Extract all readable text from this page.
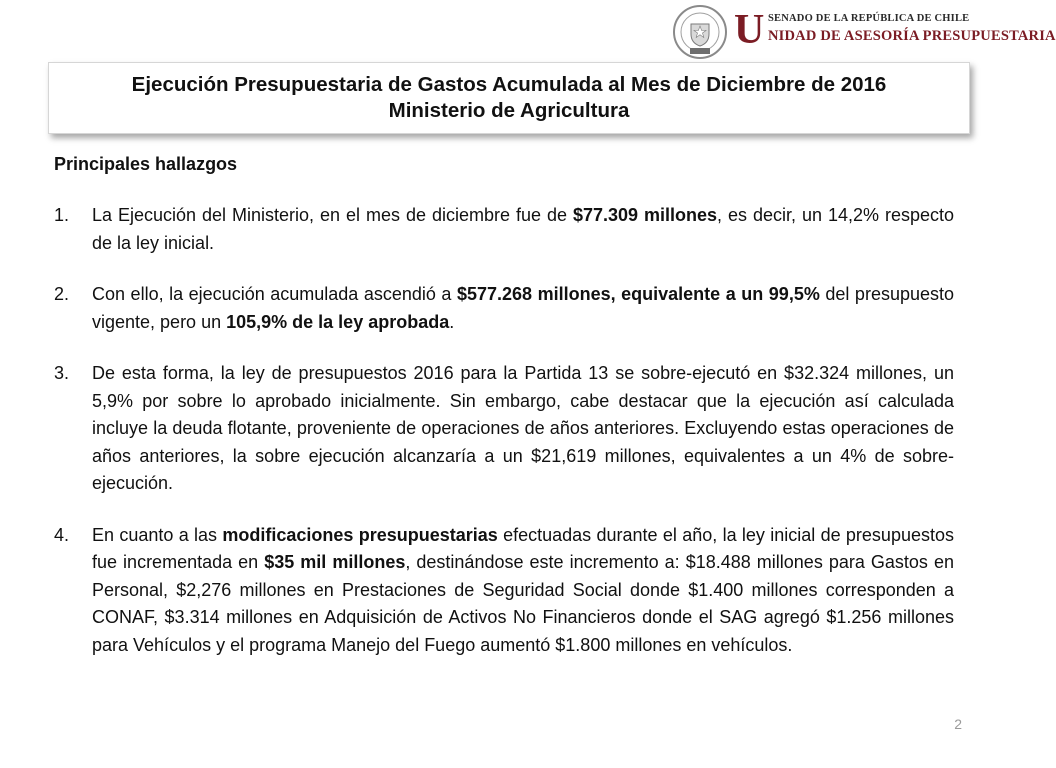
U SENADO DE LA REPÚBLICA DE CHILE
NIDAD DE ASESORÍA PRESUPUESTARIA
Ejecución Presupuestaria de Gastos Acumulada al Mes de Diciembre de 2016
Ministerio de Agricultura
Principales hallazgos
1.	La Ejecución del Ministerio, en el mes de diciembre fue de $77.309 millones, es decir, un 14,2% respecto de la ley inicial.
2.	Con ello, la ejecución acumulada ascendió a $577.268 millones, equivalente a un 99,5% del presupuesto vigente, pero un 105,9% de la ley aprobada.
3.	De esta forma, la ley de presupuestos 2016 para la Partida 13 se sobre-ejecutó en $32.324 millones, un 5,9% por sobre lo aprobado inicialmente. Sin embargo, cabe destacar que la ejecución así calculada incluye la deuda flotante, proveniente de operaciones de años anteriores. Excluyendo estas operaciones de años anteriores, la sobre ejecución alcanzaría a un $21,619 millones, equivalentes a un 4% de sobre-ejecución.
4.	En cuanto a las modificaciones presupuestarias efectuadas durante el año, la ley inicial de presupuestos fue incrementada en $35 mil millones, destinándose este incremento a: $18.488 millones para Gastos en Personal, $2,276 millones en Prestaciones de Seguridad Social donde $1.400 millones corresponden a CONAF, $3.314 millones en Adquisición de Activos No Financieros donde el SAG agregó $1.256 millones para Vehículos y el programa Manejo del Fuego aumentó $1.800 millones en vehículos.
2
